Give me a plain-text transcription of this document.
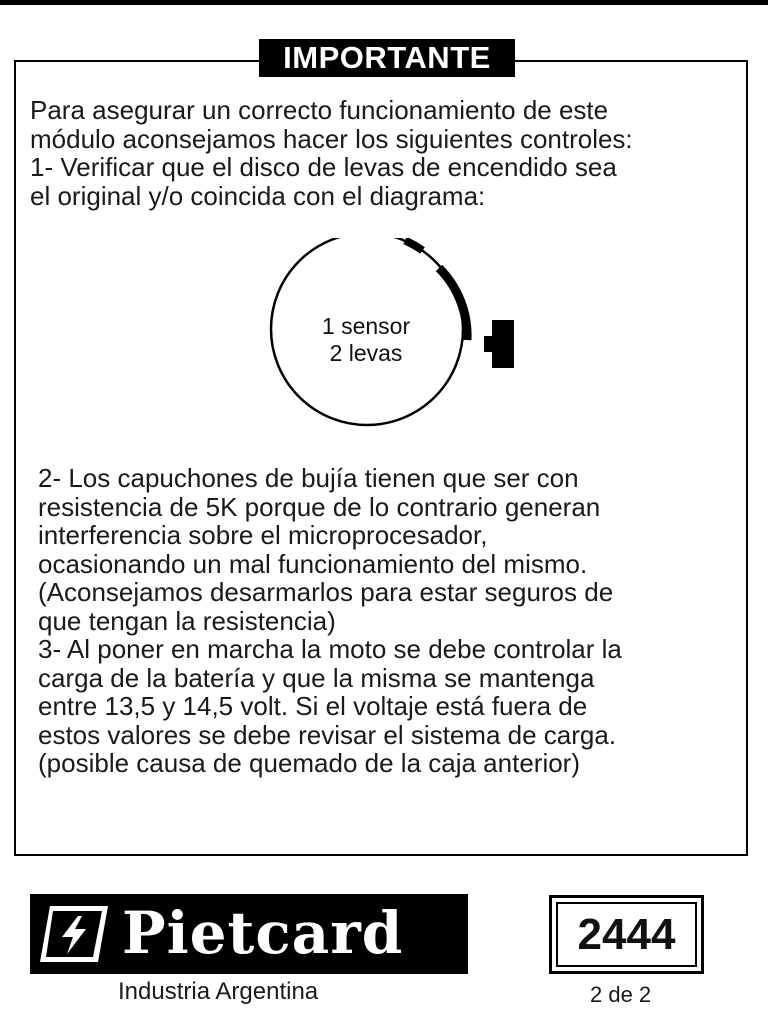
IMPORTANTE
Para asegurar un correcto funcionamiento de este
módulo aconsejamos hacer los siguientes controles:
1- Verificar que el disco de levas de encendido sea
el original y/o coincida con el diagrama:
1 sensor
2 levas
2- Los capuchones de bujía tienen que ser con
resistencia de 5K porque de lo contrario generan
interferencia sobre el microprocesador,
ocasionando un mal funcionamiento del mismo.
(Aconsejamos desarmarlos para estar seguros de
que tengan la resistencia)
3- Al poner en marcha la moto se debe controlar la
carga de la batería y que la misma se mantenga
entre 13,5 y 14,5 volt. Si el voltaje está fuera de
estos valores se debe revisar el sistema de carga.
(posible causa de quemado de la caja anterior)
Pietcard
Industria Argentina
2444
2 de 2
